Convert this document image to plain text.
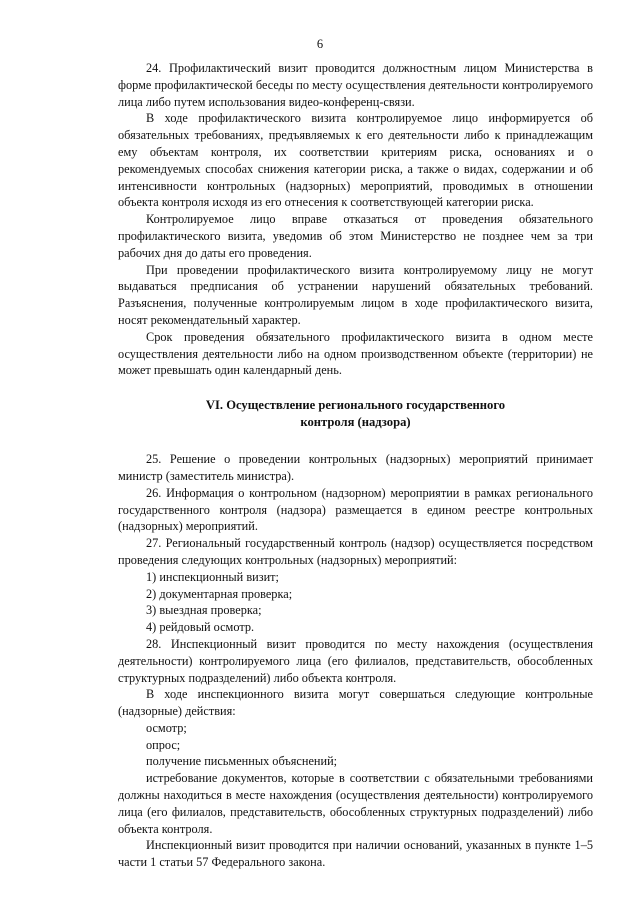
6

24. Профилактический визит проводится должностным лицом Министерства в форме профилактической беседы по месту осуществления деятельности контролируемого лица либо путем использования видео-конференц-связи.

В ходе профилактического визита контролируемое лицо информируется об обязательных требованиях, предъявляемых к его деятельности либо к принадлежащим ему объектам контроля, их соответствии критериям риска, основаниях и о рекомендуемых способах снижения категории риска, а также о видах, содержании и об интенсивности контрольных (надзорных) мероприятий, проводимых в отношении объекта контроля исходя из его отнесения к соответствующей категории риска.

Контролируемое лицо вправе отказаться от проведения обязательного профилактического визита, уведомив об этом Министерство не позднее чем за три рабочих дня до даты его проведения.

При проведении профилактического визита контролируемому лицу не могут выдаваться предписания об устранении нарушений обязательных требований. Разъяснения, полученные контролируемым лицом в ходе профилактического визита, носят рекомендательный характер.

Срок проведения обязательного профилактического визита в одном месте осуществления деятельности либо на одном производственном объекте (территории) не может превышать один календарный день.

VI. Осуществление регионального государственного
контроля (надзора)

25. Решение о проведении контрольных (надзорных) мероприятий принимает министр (заместитель министра).

26. Информация о контрольном (надзорном) мероприятии в рамках регионального государственного контроля (надзора) размещается в едином реестре контрольных (надзорных) мероприятий.

27. Региональный государственный контроль (надзор) осуществляется посредством проведения следующих контрольных (надзорных) мероприятий:

1) инспекционный визит;

2) документарная проверка;

3) выездная проверка;

4) рейдовый осмотр.

28. Инспекционный визит проводится по месту нахождения (осуществления деятельности) контролируемого лица (его филиалов, представительств, обособленных структурных подразделений) либо объекта контроля.

В ходе инспекционного визита могут совершаться следующие контрольные (надзорные) действия:

осмотр;

опрос;

получение письменных объяснений;

истребование документов, которые в соответствии с обязательными требованиями должны находиться в месте нахождения (осуществления деятельности) контролируемого лица (его филиалов, представительств, обособленных структурных подразделений) либо объекта контроля.

Инспекционный визит проводится при наличии оснований, указанных в пункте 1–5 части 1 статьи 57 Федерального закона.
